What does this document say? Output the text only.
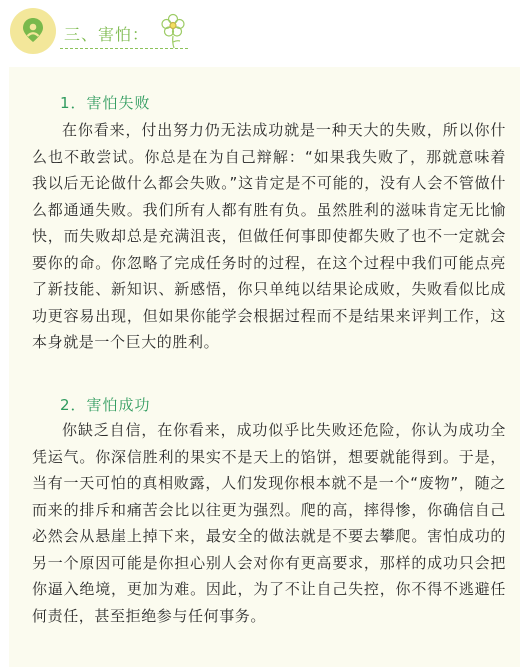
三、害怕：
1．害怕失败

在你看来，付出努力仍无法成功就是一种天大的失败，所以你什么也不敢尝试。你总是在为自己辩解：“如果我失败了，那就意味着我以后无论做什么都会失败。”这肯定是不可能的，没有人会不管做什么都通通失败。我们所有人都有胜有负。虽然胜利的滋味肯定无比愉快，而失败却总是充满沮丧，但做任何事即使都失败了也不一定就会要你的命。你忽略了完成任务时的过程，在这个过程中我们可能点亮了新技能、新知识、新感悟，你只单纯以结果论成败，失败看似比成功更容易出现，但如果你能学会根据过程而不是结果来评判工作，这本身就是一个巨大的胜利。

2．害怕成功

你缺乏自信，在你看来，成功似乎比失败还危险，你认为成功全凭运气。你深信胜利的果实不是天上的馅饼，想要就能得到。于是，当有一天可怕的真相败露，人们发现你根本就不是一个“废物”，随之而来的排斥和痛苦会比以往更为强烈。爬的高，摔得惨，你确信自己必然会从悬崖上掉下来，最安全的做法就是不要去攀爬。害怕成功的另一个原因可能是你担心别人会对你有更高要求，那样的成功只会把你逼入绝境，更加为难。因此，为了不让自己失控，你不得不逃避任何责任，甚至拒绝参与任何事务。
